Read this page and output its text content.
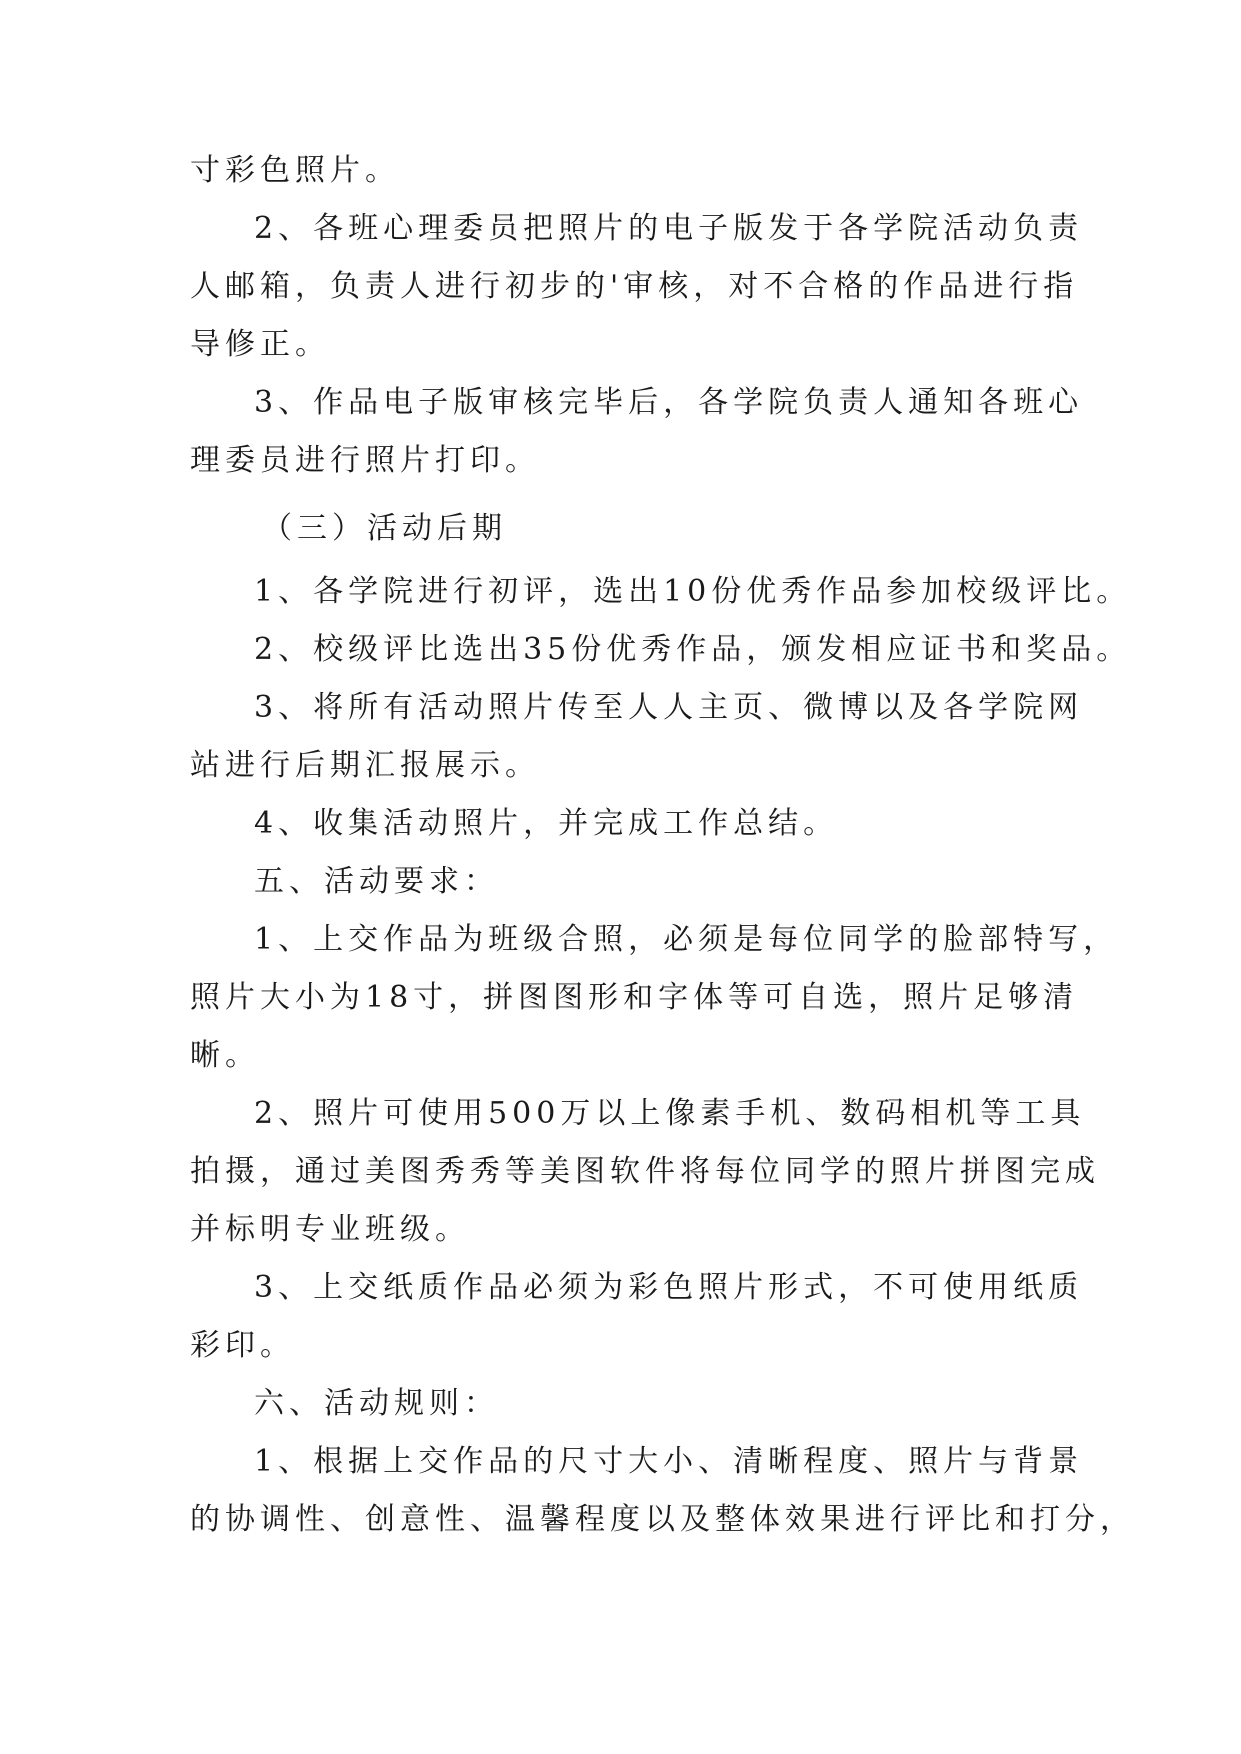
寸彩色照片。
2、各班心理委员把照片的电子版发于各学院活动负责
人邮箱，负责人进行初步的'审核，对不合格的作品进行指
导修正。
3、作品电子版审核完毕后，各学院负责人通知各班心
理委员进行照片打印。
（三）活动后期
1、各学院进行初评，选出10份优秀作品参加校级评比。
2、校级评比选出35份优秀作品，颁发相应证书和奖品。
3、将所有活动照片传至人人主页、微博以及各学院网
站进行后期汇报展示。
4、收集活动照片，并完成工作总结。
五、活动要求：
1、上交作品为班级合照，必须是每位同学的脸部特写，
照片大小为18寸，拼图图形和字体等可自选，照片足够清
晰。
2、照片可使用500万以上像素手机、数码相机等工具
拍摄，通过美图秀秀等美图软件将每位同学的照片拼图完成
并标明专业班级。
3、上交纸质作品必须为彩色照片形式，不可使用纸质
彩印。
六、活动规则：
1、根据上交作品的尺寸大小、清晰程度、照片与背景
的协调性、创意性、温馨程度以及整体效果进行评比和打分，
